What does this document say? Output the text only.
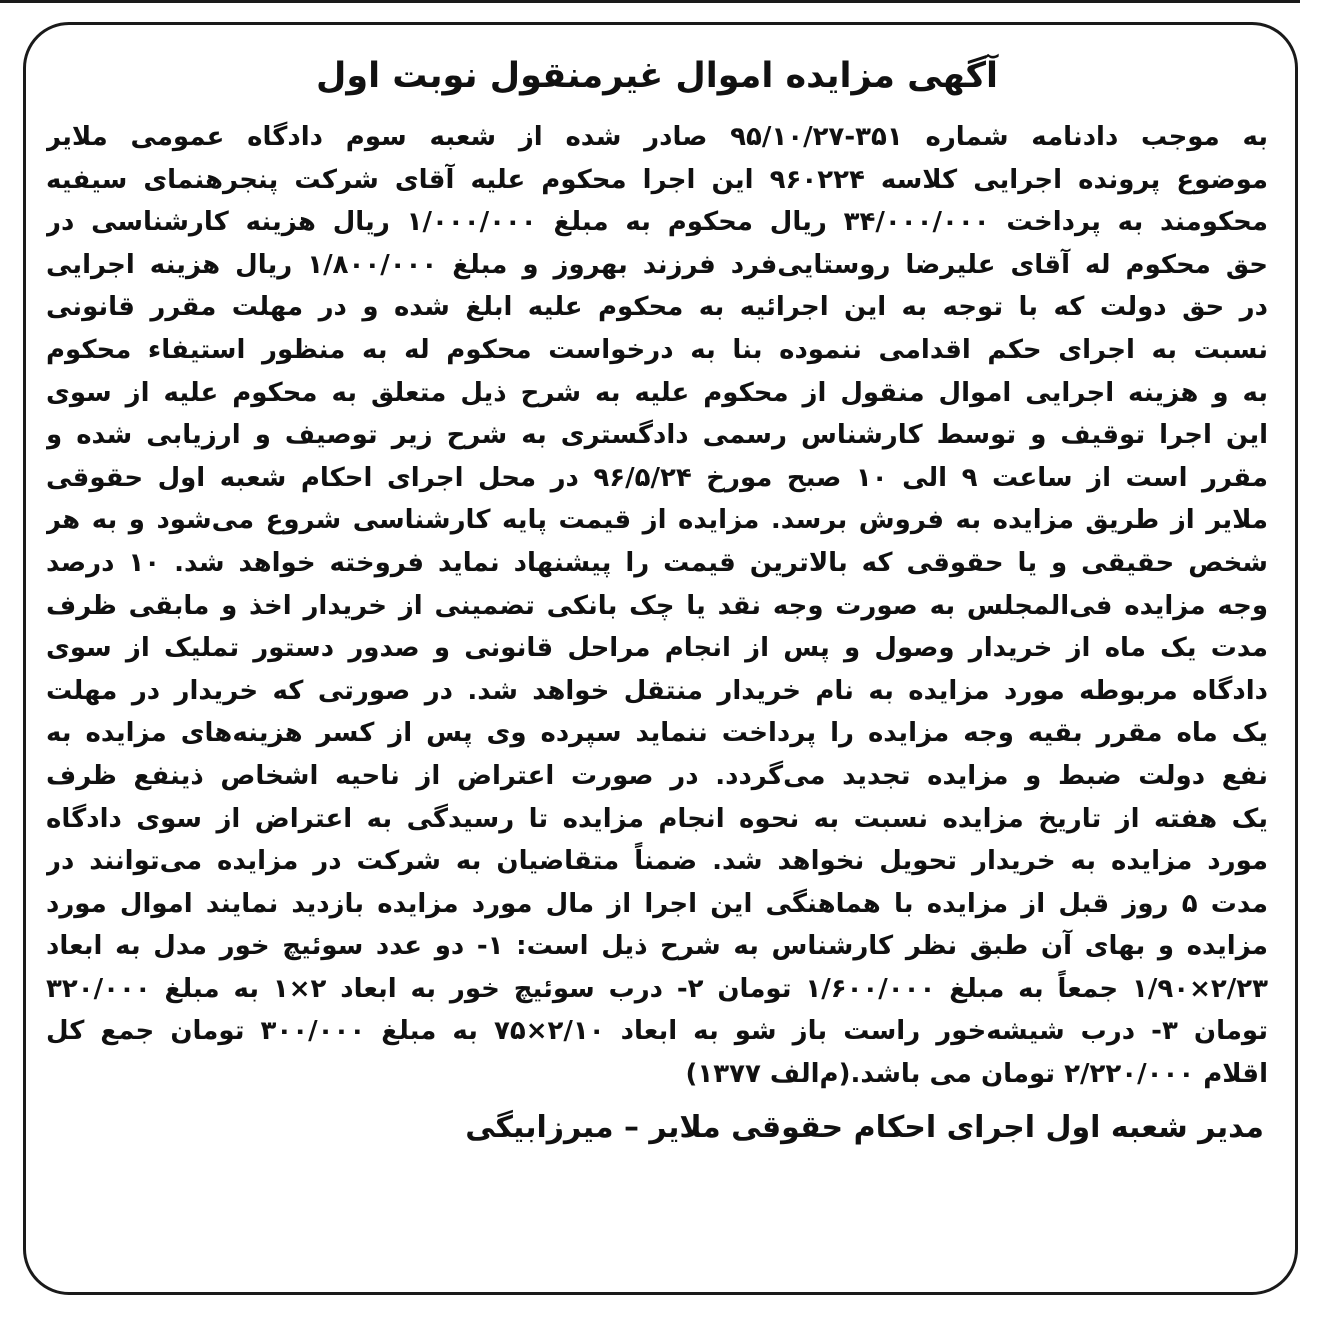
آگهی مزایده اموال غیرمنقول نوبت اول
به موجب دادنامه شماره ۳۵۱-۹۵/۱۰/۲۷ صادر شده از شعبه سوم دادگاه عمومی ملایر
موضوع پرونده اجرایی کلاسه ۹۶۰۲۲۴ این اجرا محکوم علیه آقای شرکت پنجرهنمای سیفیه
محکومند به پرداخت ۳۴/۰۰۰/۰۰۰ ریال محکوم به مبلغ ۱/۰۰۰/۰۰۰ ریال هزینه کارشناسی در
حق محکوم له آقای علیرضا روستایی‌فرد فرزند بهروز و مبلغ ۱/۸۰۰/۰۰۰ ریال هزینه اجرایی
در حق دولت که با توجه به این اجرائیه به محکوم علیه ابلغ شده و در مهلت مقرر قانونی
نسبت به اجرای حکم اقدامی ننموده بنا به درخواست محکوم له به منظور استیفاء محکوم
به و هزینه اجرایی اموال منقول از محکوم علیه به شرح ذیل متعلق به محکوم علیه از سوی
این اجرا توقیف و توسط کارشناس رسمی دادگستری به شرح زیر توصیف و ارزیابی شده و
مقرر است از ساعت ۹ الی ۱۰ صبح مورخ ۹۶/۵/۲۴ در محل اجرای احکام شعبه اول حقوقی
ملایر از طریق مزایده به فروش برسد. مزایده از قیمت پایه کارشناسی شروع می‌شود و به هر
شخص حقیقی و یا حقوقی که بالاترین قیمت را پیشنهاد نماید فروخته خواهد شد. ۱۰ درصد
وجه مزایده فی‌المجلس به صورت وجه نقد یا چک بانکی تضمینی از خریدار اخذ و مابقی ظرف
مدت یک ماه از خریدار وصول و پس از انجام مراحل قانونی و صدور دستور تملیک از سوی
دادگاه مربوطه مورد مزایده به نام خریدار منتقل خواهد شد. در صورتی که خریدار در مهلت
یک ماه مقرر بقیه وجه مزایده را پرداخت ننماید سپرده وی پس از کسر هزینه‌های مزایده به
نفع دولت ضبط و مزایده تجدید می‌گردد. در صورت اعتراض از ناحیه اشخاص ذینفع ظرف
یک هفته از تاریخ مزایده نسبت به نحوه انجام مزایده تا رسیدگی به اعتراض از سوی دادگاه
مورد مزایده به خریدار تحویل نخواهد شد. ضمناً متقاضیان به شرکت در مزایده می‌توانند در
مدت ۵ روز قبل از مزایده با هماهنگی این اجرا از مال مورد مزایده بازدید نمایند اموال مورد
مزایده و بهای آن طبق نظر کارشناس به شرح ذیل است: ۱- دو عدد سوئیچ خور مدل به ابعاد
۲/۲۳×۱/۹۰ جمعاً به مبلغ ۱/۶۰۰/۰۰۰ تومان ۲- درب سوئیچ خور به ابعاد ۲×۱ به مبلغ ۳۲۰/۰۰۰
تومان ۳- درب شیشه‌خور راست باز شو به ابعاد ۲/۱۰×۷۵ به مبلغ ۳۰۰/۰۰۰ تومان جمع کل
اقلام ۲/۲۲۰/۰۰۰ تومان می باشد.(م‌الف ۱۳۷۷)
مدیر شعبه اول اجرای احکام حقوقی ملایر – میرزابیگی
